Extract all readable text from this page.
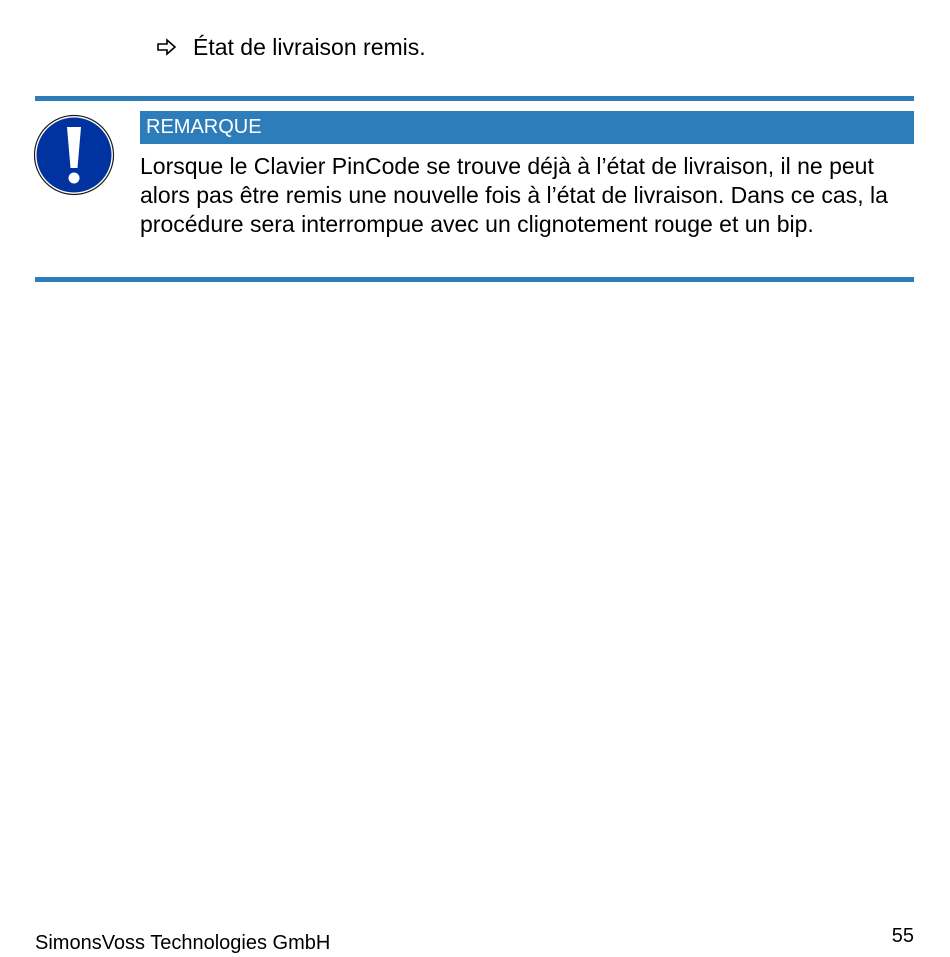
État de livraison remis.
REMARQUE

Lorsque le Clavier PinCode se trouve déjà à l’état de livraison, il ne peut alors pas être remis une nouvelle fois à l’état de livraison. Dans ce cas, la procédure sera interrompue avec un clignotement rouge et un bip.

SimonsVoss Technologies GmbH	55
